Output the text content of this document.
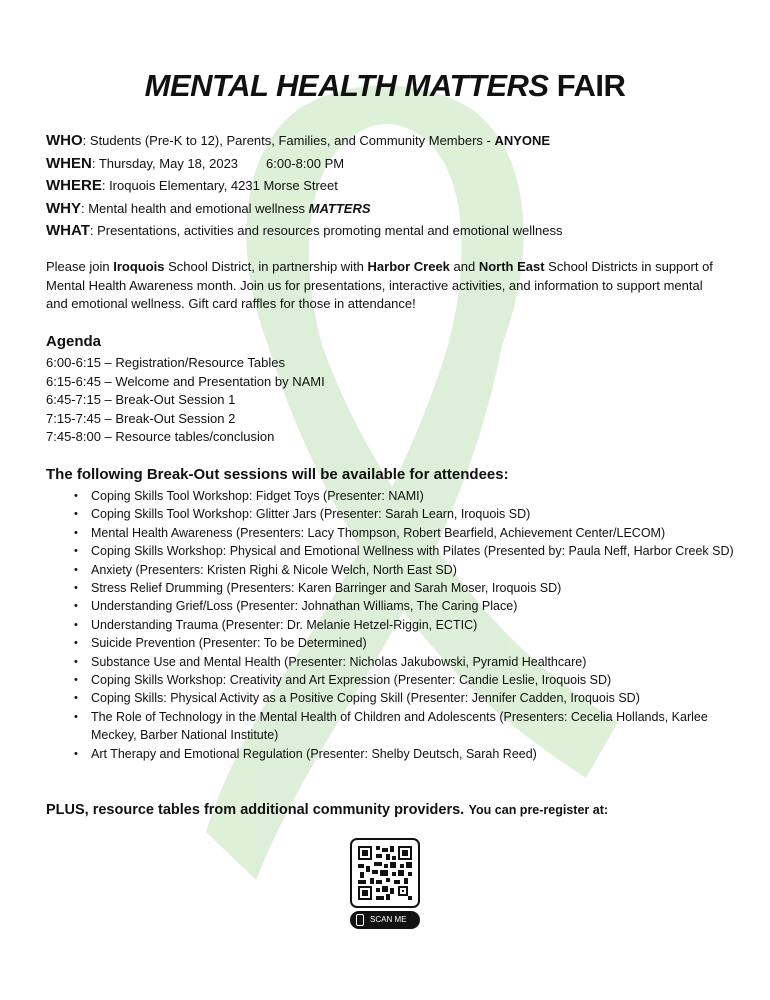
MENTAL HEALTH MATTERS FAIR
WHO: Students (Pre-K to 12), Parents, Families, and Community Members - ANYONE
WHEN: Thursday, May 18, 2023 6:00-8:00 PM
WHERE: Iroquois Elementary, 4231 Morse Street
WHY: Mental health and emotional wellness MATTERS
WHAT: Presentations, activities and resources promoting mental and emotional wellness
Please join Iroquois School District, in partnership with Harbor Creek and North East School Districts in support of Mental Health Awareness month. Join us for presentations, interactive activities, and information to support mental and emotional wellness. Gift card raffles for those in attendance!
Agenda
6:00-6:15 – Registration/Resource Tables
6:15-6:45 – Welcome and Presentation by NAMI
6:45-7:15 – Break-Out Session 1
7:15-7:45 – Break-Out Session 2
7:45-8:00 – Resource tables/conclusion
The following Break-Out sessions will be available for attendees:
• Coping Skills Tool Workshop: Fidget Toys (Presenter: NAMI)
• Coping Skills Tool Workshop: Glitter Jars (Presenter: Sarah Learn, Iroquois SD)
• Mental Health Awareness (Presenters: Lacy Thompson, Robert Bearfield, Achievement Center/LECOM)
• Coping Skills Workshop: Physical and Emotional Wellness with Pilates (Presented by: Paula Neff, Harbor Creek SD)
• Anxiety (Presenters: Kristen Righi & Nicole Welch, North East SD)
• Stress Relief Drumming (Presenters: Karen Barringer and Sarah Moser, Iroquois SD)
• Understanding Grief/Loss (Presenter: Johnathan Williams, The Caring Place)
• Understanding Trauma (Presenter: Dr. Melanie Hetzel-Riggin, ECTIC)
• Suicide Prevention (Presenter: To be Determined)
• Substance Use and Mental Health (Presenter: Nicholas Jakubowski, Pyramid Healthcare)
• Coping Skills Workshop: Creativity and Art Expression (Presenter: Candie Leslie, Iroquois SD)
• Coping Skills: Physical Activity as a Positive Coping Skill (Presenter: Jennifer Cadden, Iroquois SD)
• The Role of Technology in the Mental Health of Children and Adolescents (Presenters: Cecelia Hollands, Karlee Meckey, Barber National Institute)
• Art Therapy and Emotional Regulation (Presenter: Shelby Deutsch, Sarah Reed)
PLUS, resource tables from additional community providers. You can pre-register at:
SCAN ME
